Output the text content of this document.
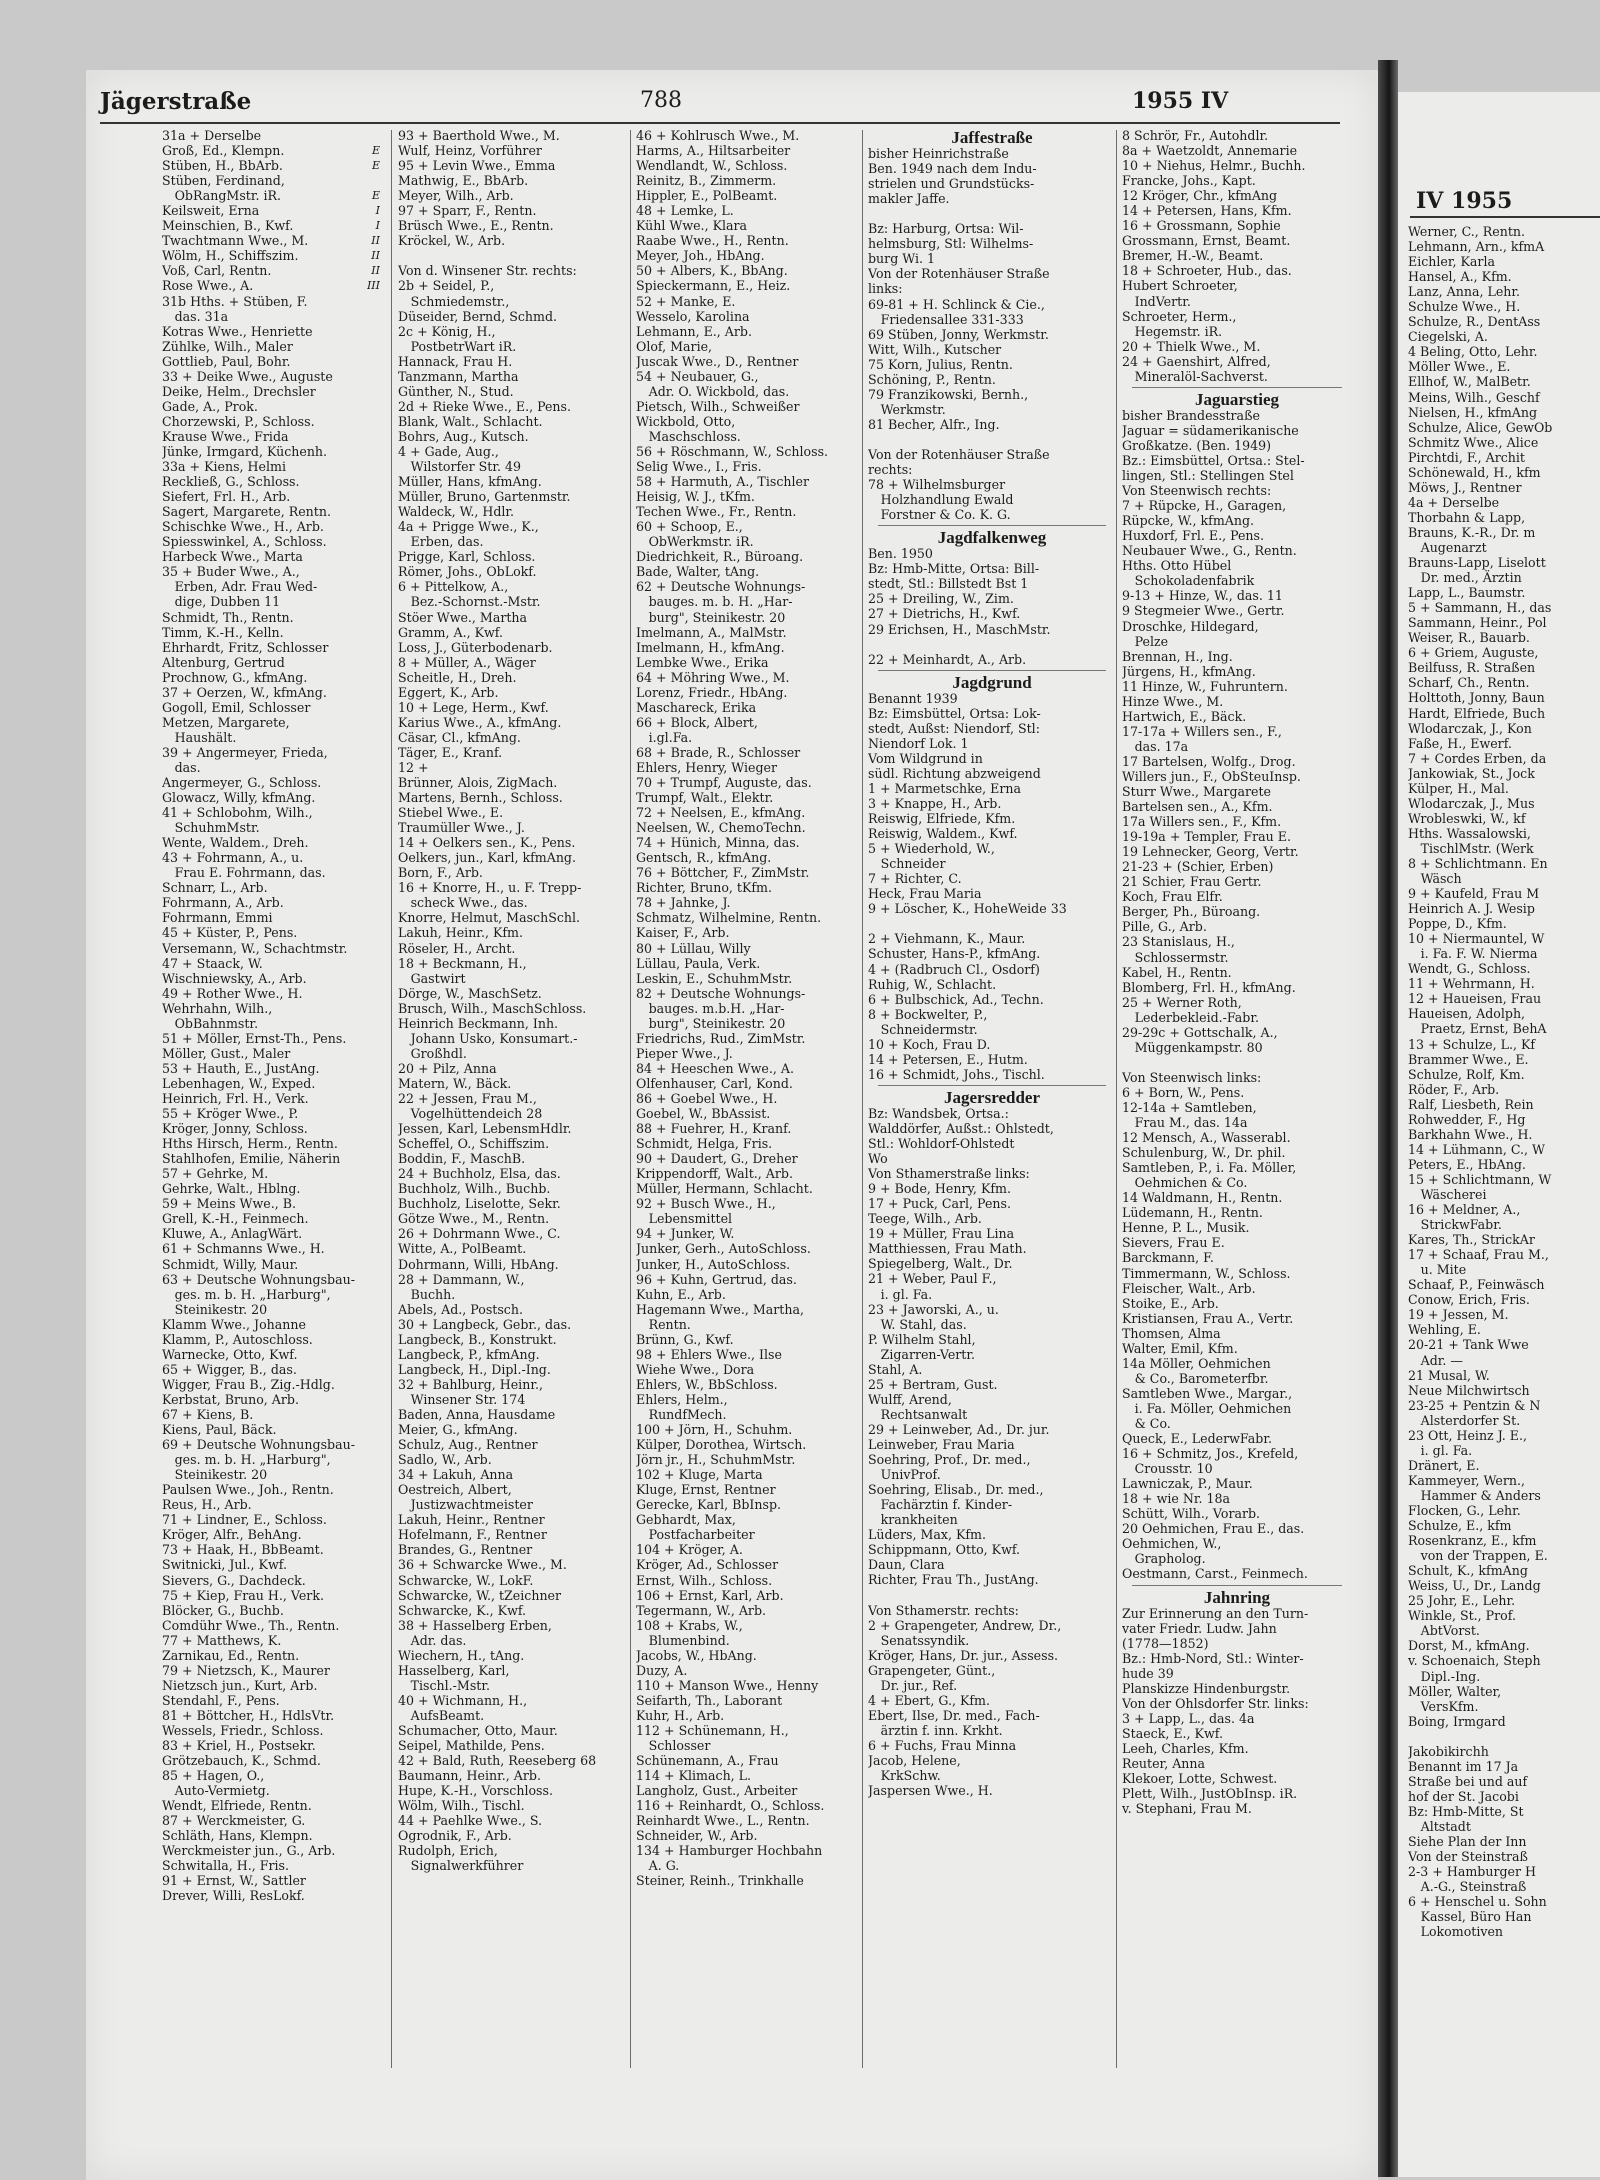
IV 1955
Werner, C., Rentn.
Lehmann, Arn., kfmA
Eichler, Karla
Hansel, A., Kfm.
Lanz, Anna, Lehr.
Schulze Wwe., H.
Schulze, R., DentAss
Ciegelski, A.
4 Beling, Otto, Lehr.
Möller Wwe., E.
Ellhof, W., MalBetr.
Meins, Wilh., Geschf
Nielsen, H., kfmAng
Schulze, Alice, GewOb
Schmitz Wwe., Alice
Pirchtdi, F., Archit
Schönewald, H., kfm
Möws, J., Rentner
4a + Derselbe
Thorbahn & Lapp,
Brauns, K.-R., Dr. m
 Augenarzt
Brauns-Lapp, Liselott
 Dr. med., Ärztin
Lapp, L., Baumstr.
5 + Sammann, H., das
Sammann, Heinr., Pol
Weiser, R., Bauarb.
6 + Griem, Auguste,
Beilfuss, R. Straßen
Scharf, Ch., Rentn.
Holttoth, Jonny, Baun
Hardt, Elfriede, Buch
Wlodarczak, J., Kon
Faße, H., Ewerf.
7 + Cordes Erben, da
Jankowiak, St., Jock
Külper, H., Mal.
Wlodarczak, J., Mus
Wrobleswki, W., kf
Hths. Wassalowski,
 TischlMstr. (Werk
8 + Schlichtmann. En
 Wäsch
9 + Kaufeld, Frau M
Heinrich A. J. Wesip
Poppe, D., Kfm.
10 + Niermauntel, W
 i. Fa. F. W. Nierma
Wendt, G., Schloss.
11 + Wehrmann, H.
12 + Haueisen, Frau
Haueisen, Adolph,
 Praetz, Ernst, BehA
13 + Schulze, L., Kf
Brammer Wwe., E.
Schulze, Rolf, Km.
Röder, F., Arb.
Ralf, Liesbeth, Rein
Rohwedder, F., Hg
Barkhahn Wwe., H.
14 + Lühmann, C., W
Peters, E., HbAng.
15 + Schlichtmann, W
 Wäscherei
16 + Meldner, A.,
 StrickwFabr.
Kares, Th., StrickAr
17 + Schaaf, Frau M.,
 u. Mite
Schaaf, P., Feinwäsch
Conow, Erich, Fris.
19 + Jessen, M.
Wehling, E.
20-21 + Tank Wwe
 Adr. —
21 Musal, W.
Neue Milchwirtsch
23-25 + Pentzin & N
 Alsterdorfer St.
23 Ott, Heinz J. E.,
 i. gl. Fa.
Dränert, E.
Kammeyer, Wern.,
 Hammer & Anders
Flocken, G., Lehr.
Schulze, E., kfm
Rosenkranz, E., kfm
 von der Trappen, E.
Schult, K., kfmAng
Weiss, U., Dr., Landg
25 Johr, E., Lehr.
Winkle, St., Prof.
 AbtVorst.
Dorst, M., kfmAng.
v. Schoenaich, Steph
 Dipl.-Ing.
Möller, Walter,
 VersKfm.
Boing, Irmgard

Jakobikirchh
Benannt im 17 Ja
Straße bei und auf
hof der St. Jacobi
Bz: Hmb-Mitte, St
 Altstadt
Siehe Plan der Inn
Von der Steinstraß
2-3 + Hamburger H
 A.-G., Steinstraß
6 + Henschel u. Sohn
 Kassel, Büro Han
 Lokomotiven
Jägerstraße	788	1955 IV
31a + Derselbe
Groß, Ed., Klempn.	E
Stüben, H., BbArb.	E
Stüben, Ferdinand,
 ObRangMstr. iR.	E
Keilsweit, Erna	I
Meinschien, B., Kwf.	I
Twachtmann Wwe., M.	II
Wölm, H., Schiffszim.	II
Voß, Carl, Rentn.	II
Rose Wwe., A.	III
31b Hths. + Stüben, F.
 das. 31a
Kotras Wwe., Henriette
Zühlke, Wilh., Maler
Gottlieb, Paul, Bohr.
33 + Deike Wwe., Auguste
Deike, Helm., Drechsler
Gade, A., Prok.
Chorzewski, P., Schloss.
Krause Wwe., Frida
Jünke, Irmgard, Küchenh.
33a + Kiens, Helmi
Reckließ, G., Schloss.
Siefert, Frl. H., Arb.
Sagert, Margarete, Rentn.
Schischke Wwe., H., Arb.
Spiesswinkel, A., Schloss.
Harbeck Wwe., Marta
35 + Buder Wwe., A.,
 Erben, Adr. Frau Wed-
 dige, Dubben 11
Schmidt, Th., Rentn.
Timm, K.-H., Kelln.
Ehrhardt, Fritz, Schlosser
Altenburg, Gertrud
Prochnow, G., kfmAng.
37 + Oerzen, W., kfmAng.
Gogoll, Emil, Schlosser
Metzen, Margarete,
 Haushält.
39 + Angermeyer, Frieda,
 das.
Angermeyer, G., Schloss.
Glowacz, Willy, kfmAng.
41 + Schlobohm, Wilh.,
 SchuhmMstr.
Wente, Waldem., Dreh.
43 + Fohrmann, A., u.
 Frau E. Fohrmann, das.
Schnarr, L., Arb.
Fohrmann, A., Arb.
Fohrmann, Emmi
45 + Küster, P., Pens.
Versemann, W., Schachtmstr.
47 + Staack, W.
Wischniewsky, A., Arb.
49 + Rother Wwe., H.
Wehrhahn, Wilh.,
 ObBahnmstr.
51 + Möller, Ernst-Th., Pens.
Möller, Gust., Maler
53 + Hauth, E., JustAng.
Lebenhagen, W., Exped.
Heinrich, Frl. H., Verk.
55 + Kröger Wwe., P.
Kröger, Jonny, Schloss.
Hths Hirsch, Herm., Rentn.
Stahlhofen, Emilie, Näherin
57 + Gehrke, M.
Gehrke, Walt., Hblng.
59 + Meins Wwe., B.
Grell, K.-H., Feinmech.
Kluwe, A., AnlagWärt.
61 + Schmanns Wwe., H.
Schmidt, Willy, Maur.
63 + Deutsche Wohnungsbau-
 ges. m. b. H. „Harburg",
 Steinikestr. 20
Klamm Wwe., Johanne
Klamm, P., Autoschloss.
Warnecke, Otto, Kwf.
65 + Wigger, B., das.
Wigger, Frau B., Zig.-Hdlg.
Kerbstat, Bruno, Arb.
67 + Kiens, B.
Kiens, Paul, Bäck.
69 + Deutsche Wohnungsbau-
 ges. m. b. H. „Harburg",
 Steinikestr. 20
Paulsen Wwe., Joh., Rentn.
Reus, H., Arb.
71 + Lindner, E., Schloss.
Kröger, Alfr., BehAng.
73 + Haak, H., BbBeamt.
Switnicki, Jul., Kwf.
Sievers, G., Dachdeck.
75 + Kiep, Frau H., Verk.
Blöcker, G., Buchb.
Comdühr Wwe., Th., Rentn.
77 + Matthews, K.
Zarnikau, Ed., Rentn.
79 + Nietzsch, K., Maurer
Nietzsch jun., Kurt, Arb.
Stendahl, F., Pens.
81 + Böttcher, H., HdlsVtr.
Wessels, Friedr., Schloss.
83 + Kriel, H., Postsekr.
Grötzebauch, K., Schmd.
85 + Hagen, O.,
 Auto-Vermietg.
Wendt, Elfriede, Rentn.
87 + Werckmeister, G.
Schläth, Hans, Klempn.
Werckmeister jun., G., Arb.
Schwitalla, H., Fris.
91 + Ernst, W., Sattler
Drever, Willi, ResLokf.
93 + Baerthold Wwe., M.
Wulf, Heinz, Vorführer
95 + Levin Wwe., Emma
Mathwig, E., BbArb.
Meyer, Wilh., Arb.
97 + Sparr, F., Rentn.
Brüsch Wwe., E., Rentn.
Kröckel, W., Arb.

Von d. Winsener Str. rechts:
2b + Seidel, P.,
 Schmiedemstr.,
Düseider, Bernd, Schmd.
2c + König, H.,
 PostbetrWart iR.
Hannack, Frau H.
Tanzmann, Martha
Günther, N., Stud.
2d + Rieke Wwe., E., Pens.
Blank, Walt., Schlacht.
Bohrs, Aug., Kutsch.
4 + Gade, Aug.,
 Wilstorfer Str. 49
Müller, Hans, kfmAng.
Müller, Bruno, Gartenmstr.
Waldeck, W., Hdlr.
4a + Prigge Wwe., K.,
 Erben, das.
Prigge, Karl, Schloss.
Römer, Johs., ObLokf.
6 + Pittelkow, A.,
 Bez.-Schornst.-Mstr.
Stöer Wwe., Martha
Gramm, A., Kwf.
Loss, J., Güterbodenarb.
8 + Müller, A., Wäger
Scheitle, H., Dreh.
Eggert, K., Arb.
10 + Lege, Herm., Kwf.
Karius Wwe., A., kfmAng.
Cäsar, Cl., kfmAng.
Täger, E., Kranf.
12 +
Brünner, Alois, ZigMach.
Martens, Bernh., Schloss.
Stiebel Wwe., E.
Traumüller Wwe., J.
14 + Oelkers sen., K., Pens.
Oelkers, jun., Karl, kfmAng.
Born, F., Arb.
16 + Knorre, H., u. F. Trepp-
 scheck Wwe., das.
Knorre, Helmut, MaschSchl.
Lakuh, Heinr., Kfm.
Röseler, H., Archt.
18 + Beckmann, H.,
 Gastwirt
Dörge, W., MaschSetz.
Brusch, Wilh., MaschSchloss.
Heinrich Beckmann, Inh.
 Johann Usko, Konsumart.-
 Großhdl.
20 + Pilz, Anna
Matern, W., Bäck.
22 + Jessen, Frau M.,
 Vogelhüttendeich 28
Jessen, Karl, LebensmHdlr.
Scheffel, O., Schiffszim.
Boddin, F., MaschB.
24 + Buchholz, Elsa, das.
Buchholz, Wilh., Buchb.
Buchholz, Liselotte, Sekr.
Götze Wwe., M., Rentn.
26 + Dohrmann Wwe., C.
Witte, A., PolBeamt.
Dohrmann, Willi, HbAng.
28 + Dammann, W.,
 Buchh.
Abels, Ad., Postsch.
30 + Langbeck, Gebr., das.
Langbeck, B., Konstrukt.
Langbeck, P., kfmAng.
Langbeck, H., Dipl.-Ing.
32 + Bahlburg, Heinr.,
 Winsener Str. 174
Baden, Anna, Hausdame
Meier, G., kfmAng.
Schulz, Aug., Rentner
Sadlo, W., Arb.
34 + Lakuh, Anna
Oestreich, Albert,
 Justizwachtmeister
Lakuh, Heinr., Rentner
Hofelmann, F., Rentner
Brandes, G., Rentner
36 + Schwarcke Wwe., M.
Schwarcke, W., LokF.
Schwarcke, W., tZeichner
Schwarcke, K., Kwf.
38 + Hasselberg Erben,
 Adr. das.
Wiechern, H., tAng.
Hasselberg, Karl,
 Tischl.-Mstr.
40 + Wichmann, H.,
 AufsBeamt.
Schumacher, Otto, Maur.
Seipel, Mathilde, Pens.
42 + Bald, Ruth, Reeseberg 68
Baumann, Heinr., Arb.
Hupe, K.-H., Vorschloss.
Wölm, Wilh., Tischl.
44 + Paehlke Wwe., S.
Ogrodnik, F., Arb.
Rudolph, Erich,
 Signalwerkführer
46 + Kohlrusch Wwe., M.
Harms, A., Hiltsarbeiter
Wendlandt, W., Schloss.
Reinitz, B., Zimmerm.
Hippler, E., PolBeamt.
48 + Lemke, L.
Kühl Wwe., Klara
Raabe Wwe., H., Rentn.
Meyer, Joh., HbAng.
50 + Albers, K., BbAng.
Spieckermann, E., Heiz.
52 + Manke, E.
Wesselo, Karolina
Lehmann, E., Arb.
Olof, Marie,
Juscak Wwe., D., Rentner
54 + Neubauer, G.,
 Adr. O. Wickbold, das.
Pietsch, Wilh., Schweißer
Wickbold, Otto,
 Maschschloss.
56 + Röschmann, W., Schloss.
Selig Wwe., I., Fris.
58 + Harmuth, A., Tischler
Heisig, W. J., tKfm.
Techen Wwe., Fr., Rentn.
60 + Schoop, E.,
 ObWerkmstr. iR.
Diedrichkeit, R., Büroang.
Bade, Walter, tAng.
62 + Deutsche Wohnungs-
 bauges. m. b. H. „Har-
 burg", Steinikestr. 20
Imelmann, A., MalMstr.
Imelmann, H., kfmAng.
Lembke Wwe., Erika
64 + Möhring Wwe., M.
Lorenz, Friedr., HbAng.
Maschareck, Erika
66 + Block, Albert,
 i.gl.Fa.
68 + Brade, R., Schlosser
Ehlers, Henry, Wieger
70 + Trumpf, Auguste, das.
Trumpf, Walt., Elektr.
72 + Neelsen, E., kfmAng.
Neelsen, W., ChemoTechn.
74 + Hünich, Minna, das.
Gentsch, R., kfmAng.
76 + Böttcher, F., ZimMstr.
Richter, Bruno, tKfm.
78 + Jahnke, J.
Schmatz, Wilhelmine, Rentn.
Kaiser, F., Arb.
80 + Lüllau, Willy
Lüllau, Paula, Verk.
Leskin, E., SchuhmMstr.
82 + Deutsche Wohnungs-
 bauges. m.b.H. „Har-
 burg", Steinikestr. 20
Friedrichs, Rud., ZimMstr.
Pieper Wwe., J.
84 + Heeschen Wwe., A.
Olfenhauser, Carl, Kond.
86 + Goebel Wwe., H.
Goebel, W., BbAssist.
88 + Fuehrer, H., Kranf.
Schmidt, Helga, Fris.
90 + Daudert, G., Dreher
Krippendorff, Walt., Arb.
Müller, Hermann, Schlacht.
92 + Busch Wwe., H.,
 Lebensmittel
94 + Junker, W.
Junker, Gerh., AutoSchloss.
Junker, H., AutoSchloss.
96 + Kuhn, Gertrud, das.
Kuhn, E., Arb.
Hagemann Wwe., Martha,
 Rentn.
Brünn, G., Kwf.
98 + Ehlers Wwe., Ilse
Wiehe Wwe., Dora
Ehlers, W., BbSchloss.
Ehlers, Helm.,
 RundfMech.
100 + Jörn, H., Schuhm.
Külper, Dorothea, Wirtsch.
Jörn jr., H., SchuhmMstr.
102 + Kluge, Marta
Kluge, Ernst, Rentner
Gerecke, Karl, BbInsp.
Gebhardt, Max,
 Postfacharbeiter
104 + Kröger, A.
Kröger, Ad., Schlosser
Ernst, Wilh., Schloss.
106 + Ernst, Karl, Arb.
Tegermann, W., Arb.
108 + Krabs, W.,
 Blumenbind.
Jacobs, W., HbAng.
Duzy, A.
110 + Manson Wwe., Henny
Seifarth, Th., Laborant
Kuhr, H., Arb.
112 + Schünemann, H.,
 Schlosser
Schünemann, A., Frau
114 + Klimach, L.
Langholz, Gust., Arbeiter
116 + Reinhardt, O., Schloss.
Reinhardt Wwe., L., Rentn.
Schneider, W., Arb.
134 + Hamburger Hochbahn
 A. G.
Steiner, Reinh., Trinkhalle
Jaffestraße
bisher Heinrichstraße
Ben. 1949 nach dem Indu-
strielen und Grundstücks-
makler Jaffe.

Bz: Harburg, Ortsa: Wil-
helmsburg, Stl: Wilhelms-
burg Wi. 1
Von der Rotenhäuser Straße
links:
69-81 + H. Schlinck & Cie.,
 Friedensallee 331-333
69 Stüben, Jonny, Werkmstr.
Witt, Wilh., Kutscher
75 Korn, Julius, Rentn.
Schöning, P., Rentn.
79 Franzikowski, Bernh.,
 Werkmstr.
81 Becher, Alfr., Ing.

Von der Rotenhäuser Straße
rechts:
78 + Wilhelmsburger
 Holzhandlung Ewald
 Forstner & Co. K. G.
Jagdfalkenweg
Ben. 1950
Bz: Hmb-Mitte, Ortsa: Bill-
stedt, Stl.: Billstedt Bst 1
25 + Dreiling, W., Zim.
27 + Dietrichs, H., Kwf.
29 Erichsen, H., MaschMstr.

22 + Meinhardt, A., Arb.
Jagdgrund
Benannt 1939
Bz: Eimsbüttel, Ortsa: Lok-
stedt, Außst: Niendorf, Stl:
Niendorf Lok. 1
Vom Wildgrund in
südl. Richtung abzweigend
1 + Marmetschke, Erna
3 + Knappe, H., Arb.
Reiswig, Elfriede, Kfm.
Reiswig, Waldem., Kwf.
5 + Wiederhold, W.,
 Schneider
7 + Richter, C.
Heck, Frau Maria
9 + Löscher, K., HoheWeide 33

2 + Viehmann, K., Maur.
Schuster, Hans-P., kfmAng.
4 + (Radbruch Cl., Osdorf)
Ruhig, W., Schlacht.
6 + Bulbschick, Ad., Techn.
8 + Bockwelter, P.,
 Schneidermstr.
10 + Koch, Frau D.
14 + Petersen, E., Hutm.
16 + Schmidt, Johs., Tischl.
Jagersredder
Bz: Wandsbek, Ortsa.:
Walddörfer, Außst.: Ohlstedt,
Stl.: Wohldorf-Ohlstedt
Wo
Von Sthamerstraße links:
9 + Bode, Henry, Kfm.
17 + Puck, Carl, Pens.
Teege, Wilh., Arb.
19 + Müller, Frau Lina
Matthiessen, Frau Math.
Spiegelberg, Walt., Dr.
21 + Weber, Paul F.,
 i. gl. Fa.
23 + Jaworski, A., u.
 W. Stahl, das.
P. Wilhelm Stahl,
 Zigarren-Vertr.
Stahl, A.
25 + Bertram, Gust.
Wulff, Arend,
 Rechtsanwalt
29 + Leinweber, Ad., Dr. jur.
Leinweber, Frau Maria
Soehring, Prof., Dr. med.,
 UnivProf.
Soehring, Elisab., Dr. med.,
 Fachärztin f. Kinder-
 krankheiten
Lüders, Max, Kfm.
Schippmann, Otto, Kwf.
Daun, Clara
Richter, Frau Th., JustAng.

Von Sthamerstr. rechts:
2 + Grapengeter, Andrew, Dr.,
 Senatssyndik.
Kröger, Hans, Dr. jur., Assess.
Grapengeter, Günt.,
 Dr. jur., Ref.
4 + Ebert, G., Kfm.
Ebert, Ilse, Dr. med., Fach-
 ärztin f. inn. Krkht.
6 + Fuchs, Frau Minna
Jacob, Helene,
 KrkSchw.
Jaspersen Wwe., H.
8 Schrör, Fr., Autohdlr.
8a + Waetzoldt, Annemarie
10 + Niehus, Helmr., Buchh.
Francke, Johs., Kapt.
12 Kröger, Chr., kfmAng
14 + Petersen, Hans, Kfm.
16 + Grossmann, Sophie
Grossmann, Ernst, Beamt.
Bremer, H.-W., Beamt.
18 + Schroeter, Hub., das.
Hubert Schroeter,
 IndVertr.
Schroeter, Herm.,
 Hegemstr. iR.
20 + Thielk Wwe., M.
24 + Gaenshirt, Alfred,
 Mineralöl-Sachverst.
Jaguarstieg
bisher Brandesstraße
Jaguar = südamerikanische
Großkatze. (Ben. 1949)
Bz.: Eimsbüttel, Ortsa.: Stel-
lingen, Stl.: Stellingen Stel
Von Steenwisch rechts:
7 + Rüpcke, H., Garagen,
Rüpcke, W., kfmAng.
Huxdorf, Frl. E., Pens.
Neubauer Wwe., G., Rentn.
Hths. Otto Hübel
 Schokoladenfabrik
9-13 + Hinze, W., das. 11
9 Stegmeier Wwe., Gertr.
Droschke, Hildegard,
 Pelze
Brennan, H., Ing.
Jürgens, H., kfmAng.
11 Hinze, W., Fuhruntern.
Hinze Wwe., M.
Hartwich, E., Bäck.
17-17a + Willers sen., F.,
 das. 17a
17 Bartelsen, Wolfg., Drog.
Willers jun., F., ObSteuInsp.
Sturr Wwe., Margarete
Bartelsen sen., A., Kfm.
17a Willers sen., F., Kfm.
19-19a + Templer, Frau E.
19 Lehnecker, Georg, Vertr.
21-23 + (Schier, Erben)
21 Schier, Frau Gertr.
Koch, Frau Elfr.
Berger, Ph., Büroang.
Pille, G., Arb.
23 Stanislaus, H.,
 Schlossermstr.
Kabel, H., Rentn.
Blomberg, Frl. H., kfmAng.
25 + Werner Roth,
 Lederbekleid.-Fabr.
29-29c + Gottschalk, A.,
 Müggenkampstr. 80

Von Steenwisch links:
6 + Born, W., Pens.
12-14a + Samtleben,
 Frau M., das. 14a
12 Mensch, A., Wasserabl.
Schulenburg, W., Dr. phil.
Samtleben, P., i. Fa. Möller,
 Oehmichen & Co.
14 Waldmann, H., Rentn.
Lüdemann, H., Rentn.
Henne, P. L., Musik.
Sievers, Frau E.
Barckmann, F.
Timmermann, W., Schloss.
Fleischer, Walt., Arb.
Stoike, E., Arb.
Kristiansen, Frau A., Vertr.
Thomsen, Alma
Walter, Emil, Kfm.
14a Möller, Oehmichen
 & Co., Barometerfbr.
Samtleben Wwe., Margar.,
 i. Fa. Möller, Oehmichen
 & Co.
Queck, E., LederwFabr.
16 + Schmitz, Jos., Krefeld,
 Crousstr. 10
Lawniczak, P., Maur.
18 + wie Nr. 18a
Schütt, Wilh., Vorarb.
20 Oehmichen, Frau E., das.
Oehmichen, W.,
 Grapholog.
Oestmann, Carst., Feinmech.
Jahnring
Zur Erinnerung an den Turn-
vater Friedr. Ludw. Jahn
(1778—1852)
Bz.: Hmb-Nord, Stl.: Winter-
hude 39
Planskizze Hindenburgstr.
Von der Ohlsdorfer Str. links:
3 + Lapp, L., das. 4a
Staeck, E., Kwf.
Leeh, Charles, Kfm.
Reuter, Anna
Klekoer, Lotte, Schwest.
Plett, Wilh., JustObInsp. iR.
v. Stephani, Frau M.
